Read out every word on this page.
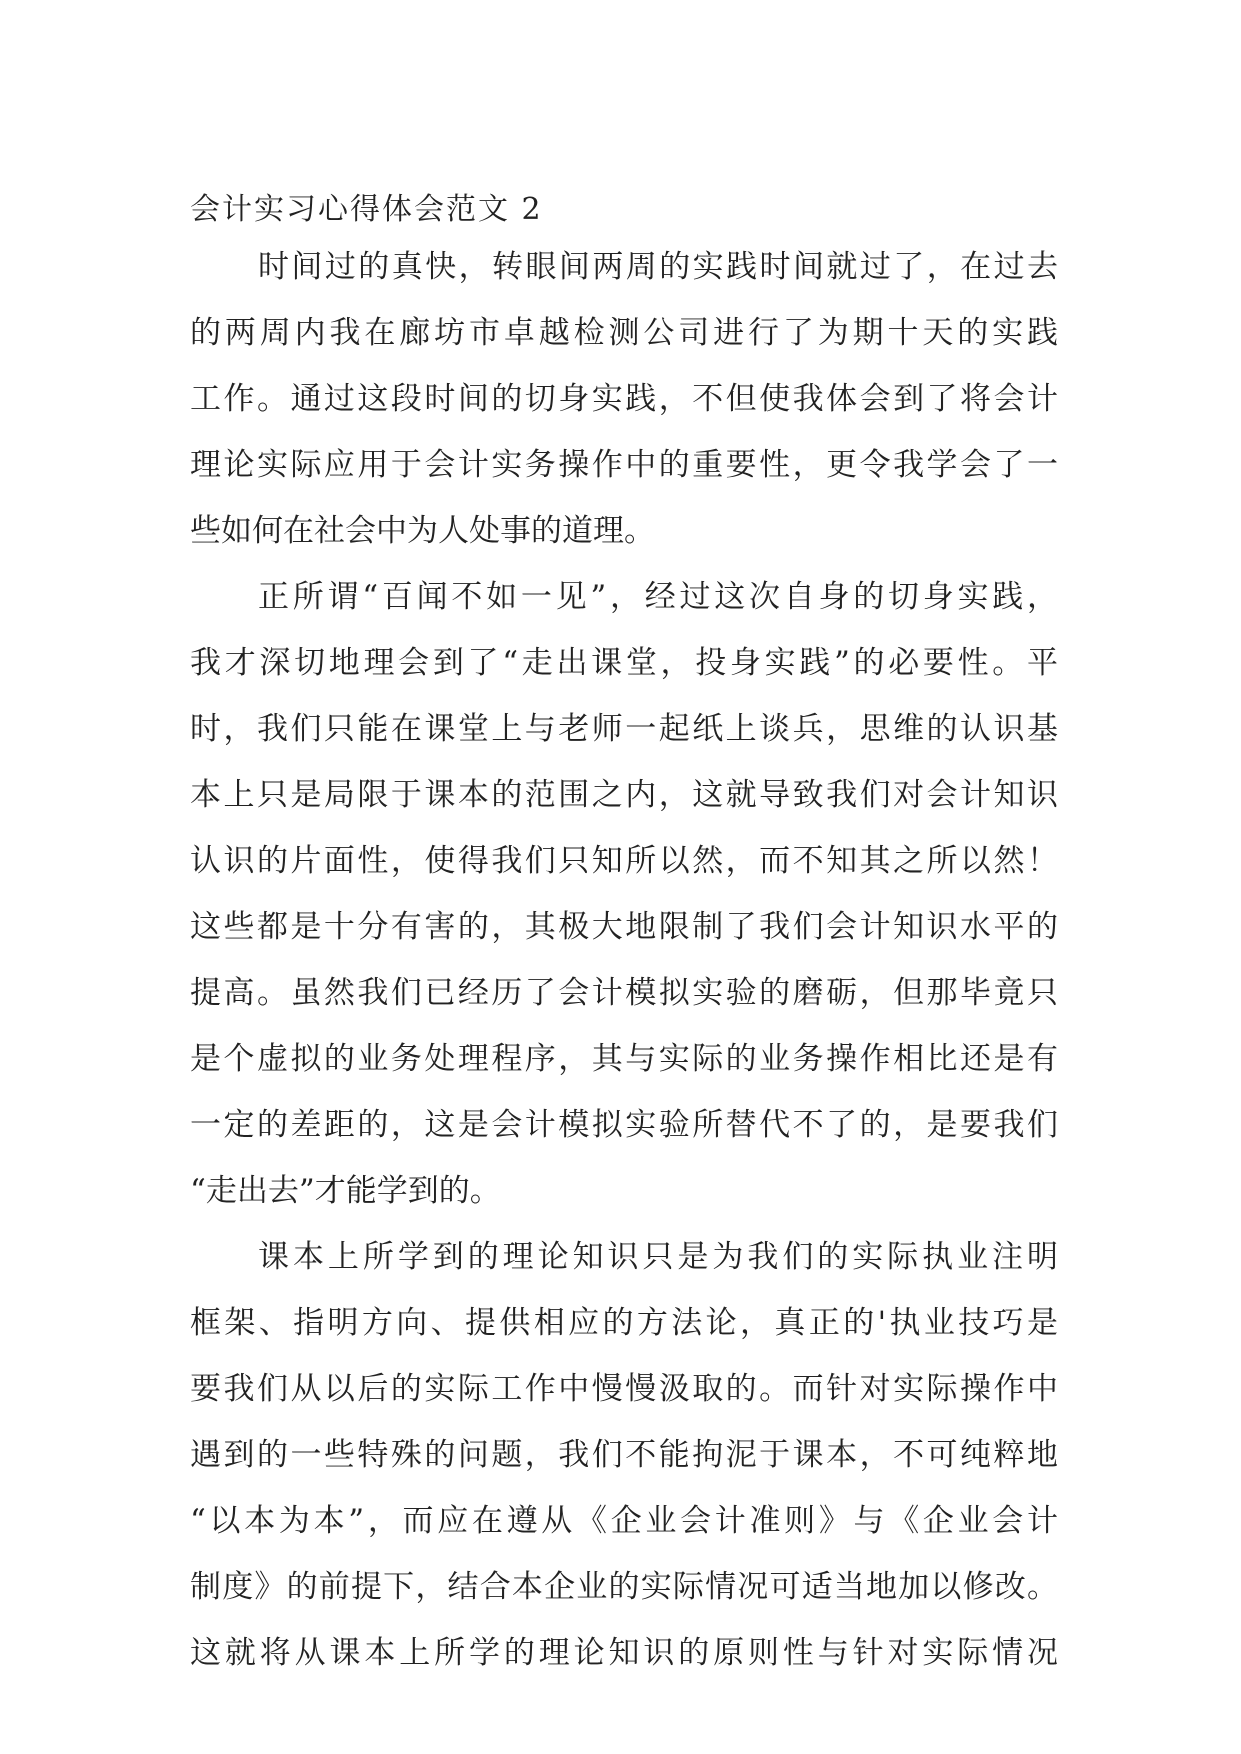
会计实习心得体会范文 2

时间过的真快，转眼间两周的实践时间就过了，在过去
的两周内我在廊坊市卓越检测公司进行了为期十天的实践
工作。通过这段时间的切身实践，不但使我体会到了将会计
理论实际应用于会计实务操作中的重要性，更令我学会了一
些如何在社会中为人处事的道理。

正所谓“百闻不如一见”，经过这次自身的切身实践，
我才深切地理会到了“走出课堂，投身实践”的必要性。平
时，我们只能在课堂上与老师一起纸上谈兵，思维的认识基
本上只是局限于课本的范围之内，这就导致我们对会计知识
认识的片面性，使得我们只知所以然，而不知其之所以然！
这些都是十分有害的，其极大地限制了我们会计知识水平的
提高。虽然我们已经历了会计模拟实验的磨砺，但那毕竟只
是个虚拟的业务处理程序，其与实际的业务操作相比还是有
一定的差距的，这是会计模拟实验所替代不了的，是要我们
“走出去”才能学到的。

课本上所学到的理论知识只是为我们的实际执业注明
框架、指明方向、提供相应的方法论，真正的'执业技巧是
要我们从以后的实际工作中慢慢汲取的。而针对实际操作中
遇到的一些特殊的问题，我们不能拘泥于课本，不可纯粹地
“以本为本”，而应在遵从《企业会计准则》与《企业会计
制度》的前提下，结合本企业的实际情况可适当地加以修改。
这就将从课本上所学的理论知识的原则性与针对实际情况
